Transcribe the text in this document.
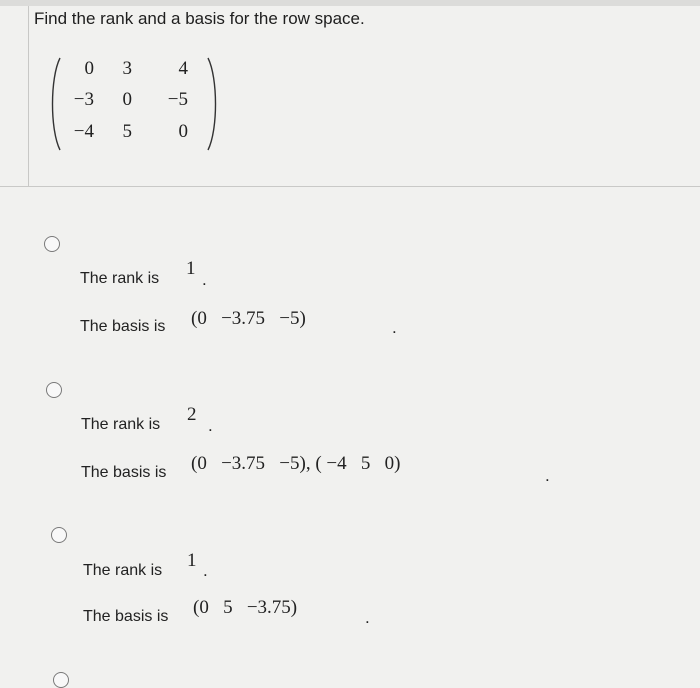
Find the rank and a basis for the row space.
0	3	4
−3	0	−5
−4	5	0
The rank is 1
.
The basis is (0   −3.75   −5)	.
The rank is 2
.
The basis is (0   −3.75   −5), ( −4   5   0)
.
The rank is 1 .
The basis is (0   5   −3.75)	.
